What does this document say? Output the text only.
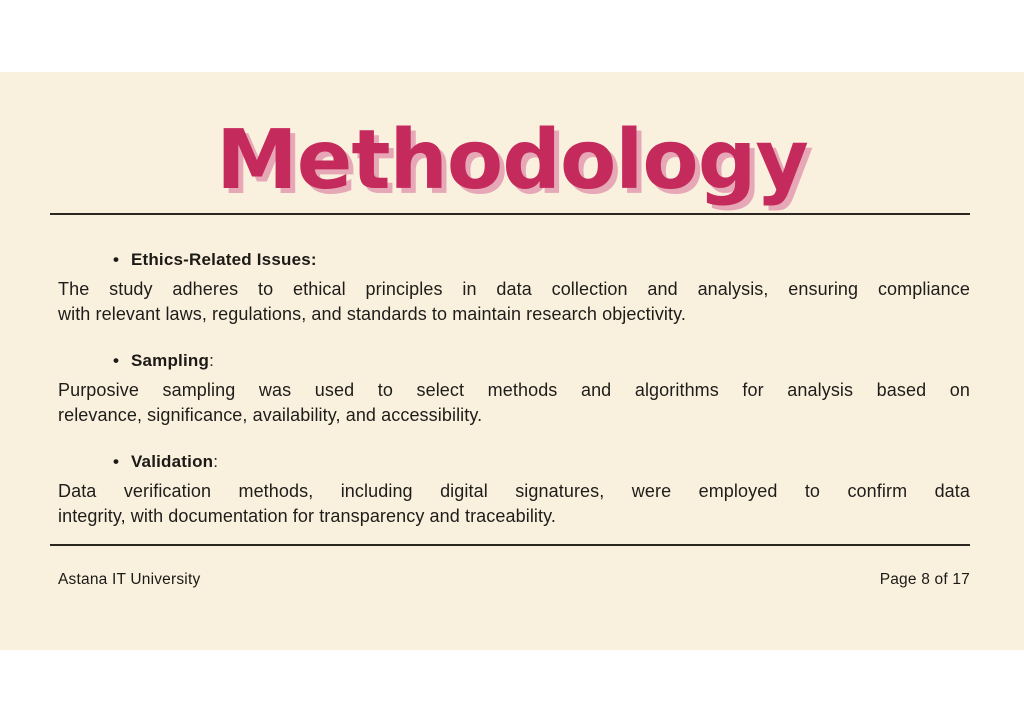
Methodology
• Ethics-Related Issues:

The study adheres to ethical principles in data collection and analysis, ensuring compliance

with relevant laws, regulations, and standards to maintain research objectivity.

• Sampling:

Purposive sampling was used to select methods and algorithms for analysis based on

relevance, significance, availability, and accessibility.

• Validation:

Data verification methods, including digital signatures, were employed to confirm data

integrity, with documentation for transparency and traceability.

Astana IT University	Page 8 of 17
